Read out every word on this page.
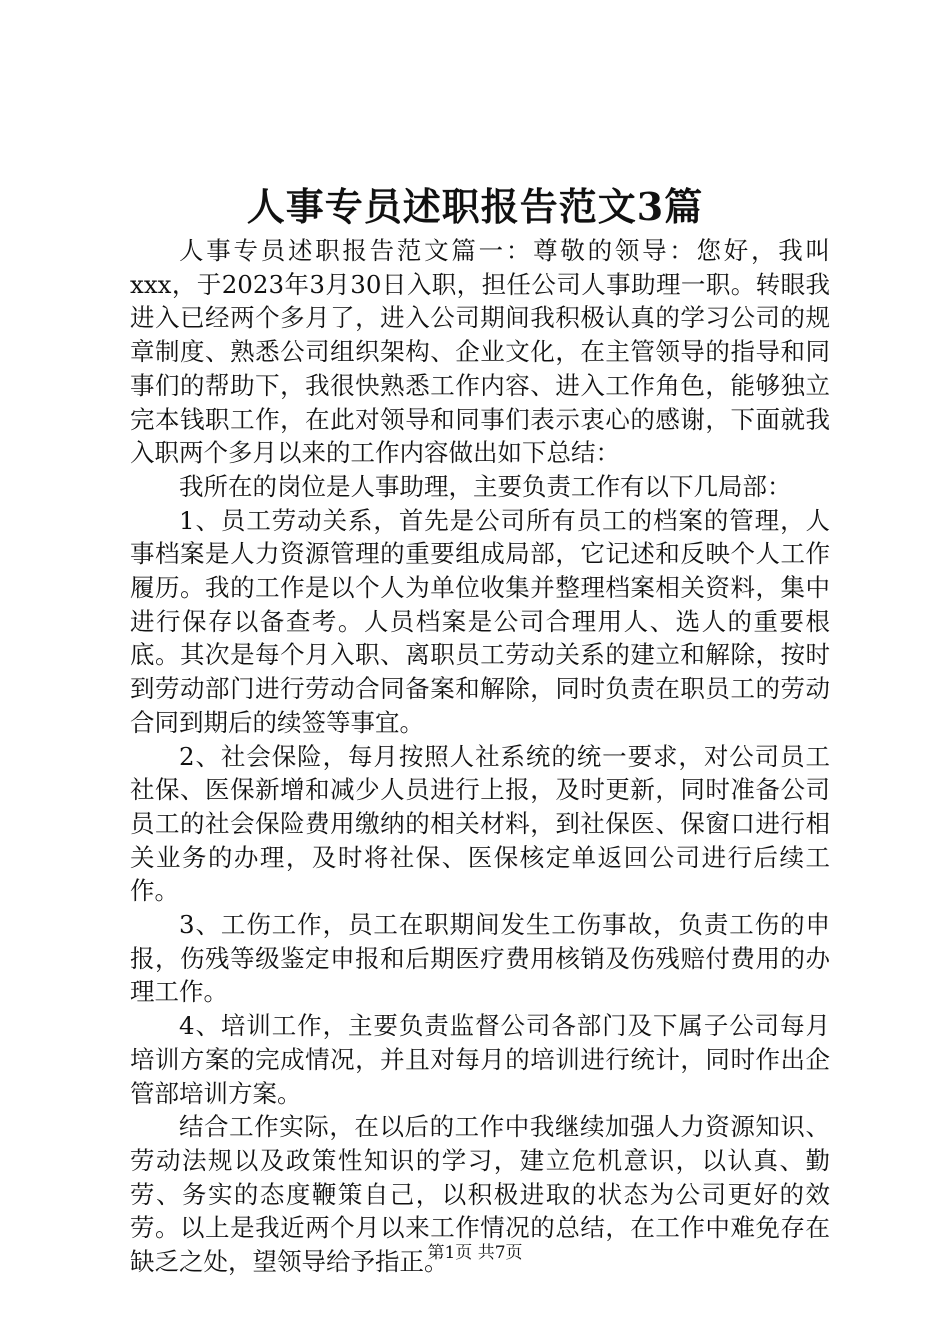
人事专员述职报告范文3篇

人事专员述职报告范文篇一：尊敬的领导：您好，我叫xxx，于2023年3月30日入职，担任公司人事助理一职。转眼我进入已经两个多月了，进入公司期间我积极认真的学习公司的规章制度、熟悉公司组织架构、企业文化，在主管领导的指导和同事们的帮助下，我很快熟悉工作内容、进入工作角色，能够独立完本钱职工作，在此对领导和同事们表示衷心的感谢，下面就我入职两个多月以来的工作内容做出如下总结：

我所在的岗位是人事助理，主要负责工作有以下几局部：

1、员工劳动关系，首先是公司所有员工的档案的管理，人事档案是人力资源管理的重要组成局部，它记述和反映个人工作履历。我的工作是以个人为单位收集并整理档案相关资料，集中进行保存以备查考。人员档案是公司合理用人、选人的重要根底。其次是每个月入职、离职员工劳动关系的建立和解除，按时到劳动部门进行劳动合同备案和解除，同时负责在职员工的劳动合同到期后的续签等事宜。

2、社会保险，每月按照人社系统的统一要求，对公司员工社保、医保新增和减少人员进行上报，及时更新，同时准备公司员工的社会保险费用缴纳的相关材料，到社保医、保窗口进行相关业务的办理，及时将社保、医保核定单返回公司进行后续工作。

3、工伤工作，员工在职期间发生工伤事故，负责工伤的申报，伤残等级鉴定申报和后期医疗费用核销及伤残赔付费用的办理工作。

4、培训工作，主要负责监督公司各部门及下属子公司每月培训方案的完成情况，并且对每月的培训进行统计，同时作出企管部培训方案。

结合工作实际，在以后的工作中我继续加强人力资源知识、劳动法规以及政策性知识的学习，建立危机意识，以认真、勤劳、务实的态度鞭策自己，以积极进取的状态为公司更好的效劳。以上是我近两个月以来工作情况的总结，在工作中难免存在缺乏之处，望领导给予指正。

第1页 共7页
